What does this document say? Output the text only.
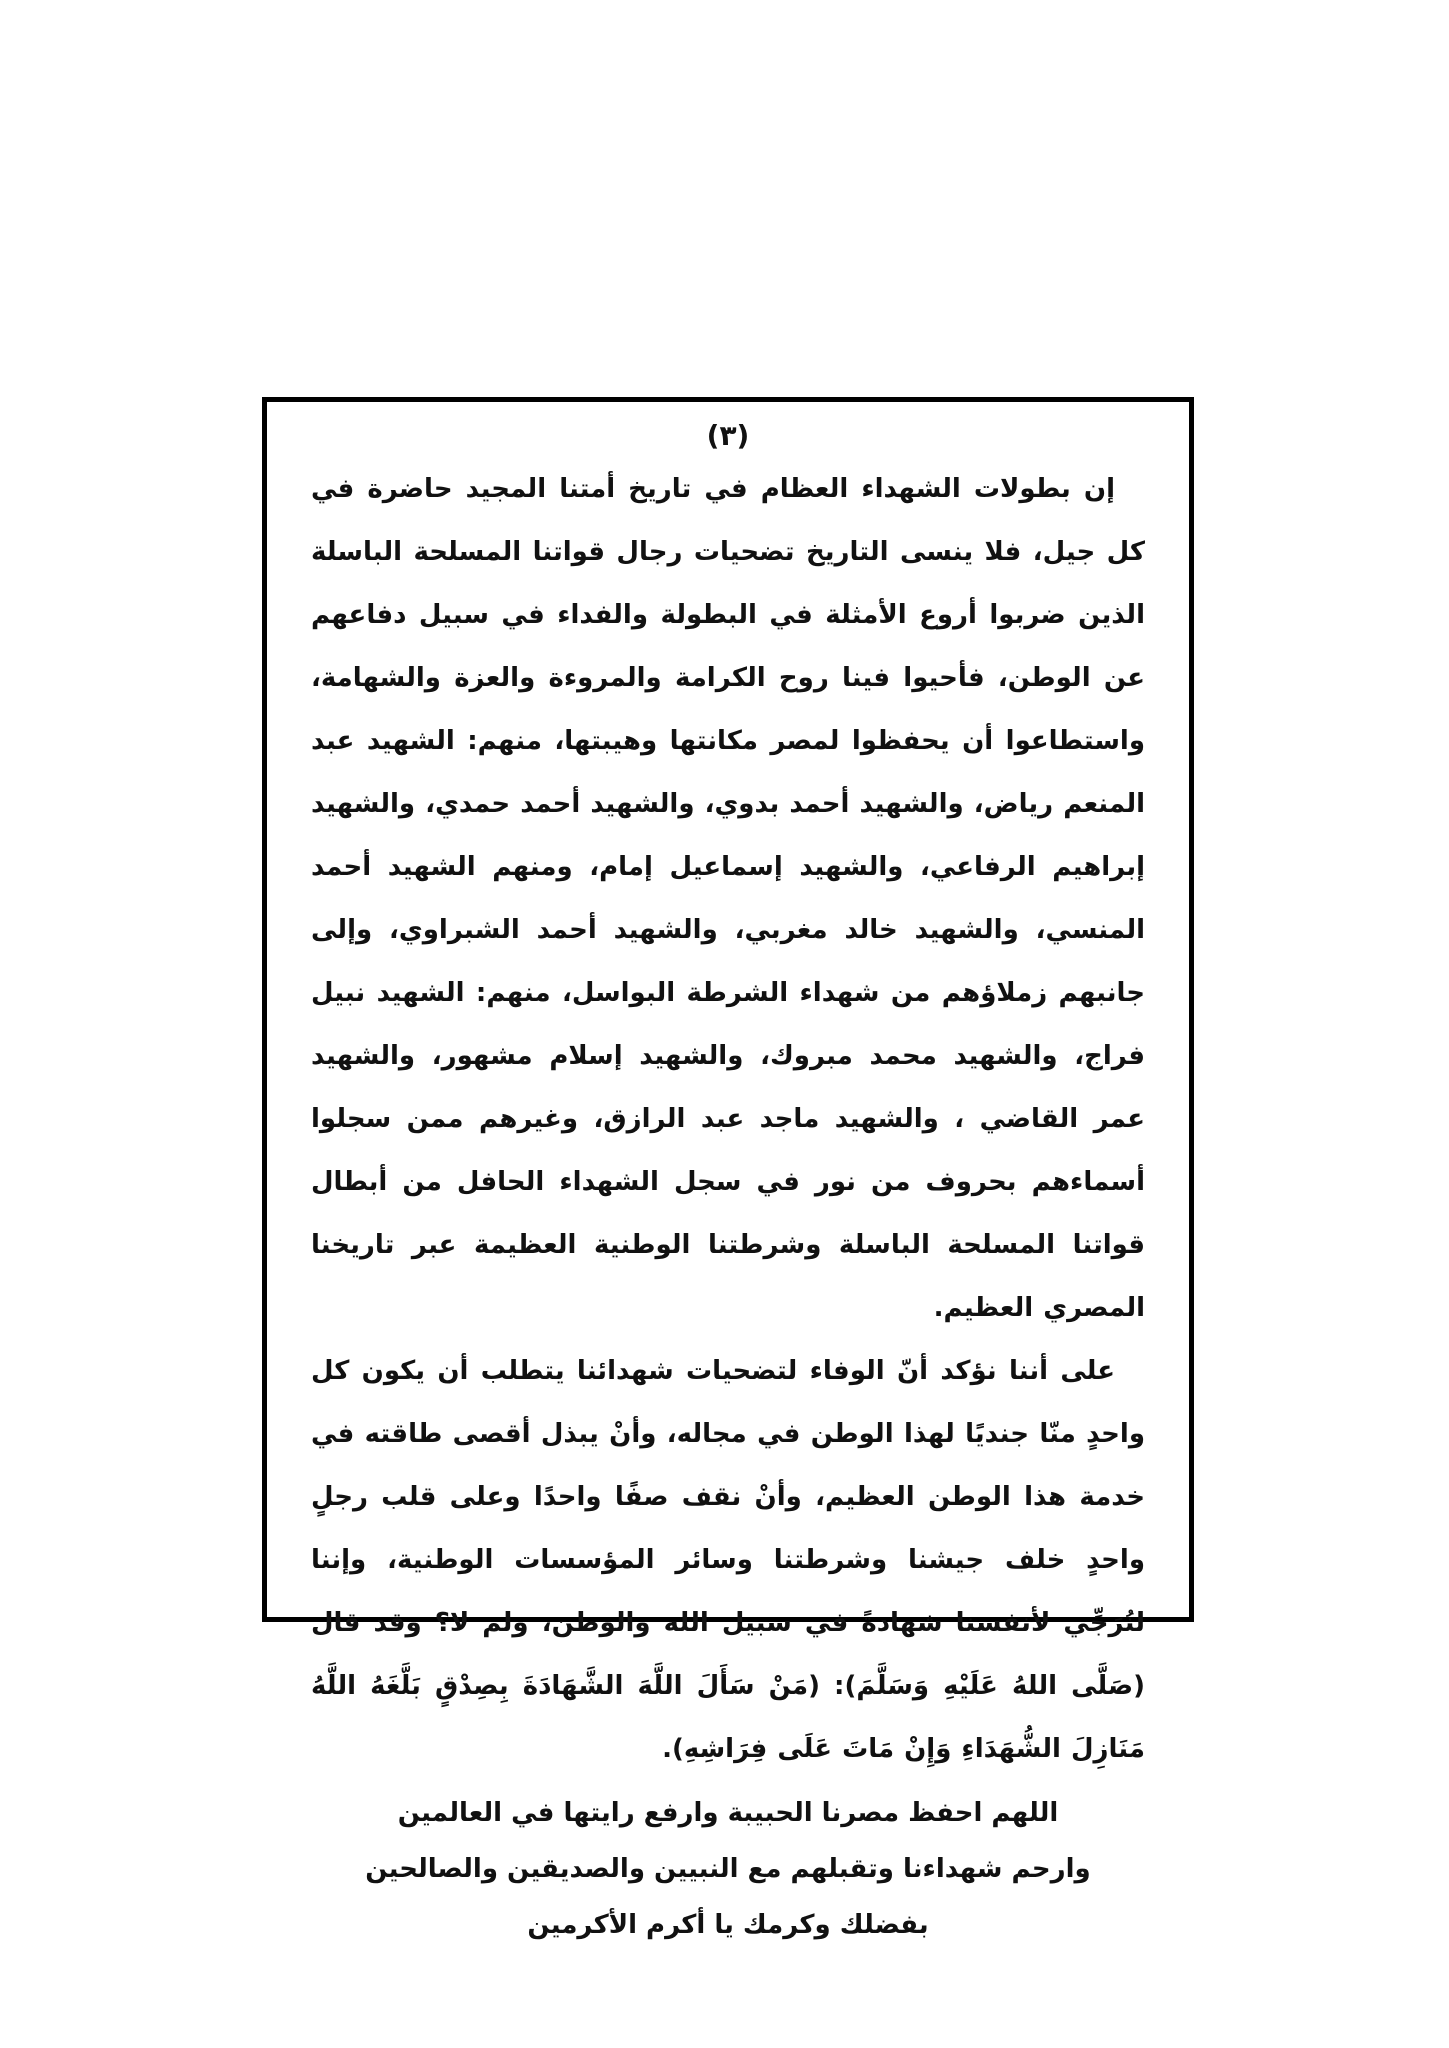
(٣)

إن بطولات الشهداء العظام في تاريخ أمتنا المجيد حاضرة في كل جيل، فلا ينسى التاريخ تضحيات رجال قواتنا المسلحة الباسلة الذين ضربوا أروع الأمثلة في البطولة والفداء في سبيل دفاعهم عن الوطن، فأحيوا فينا روح الكرامة والمروءة والعزة والشهامة، واستطاعوا أن يحفظوا لمصر مكانتها وهيبتها، منهم: الشهيد عبد المنعم رياض، والشهيد أحمد بدوي، والشهيد أحمد حمدي، والشهيد إبراهيم الرفاعي، والشهيد إسماعيل إمام، ومنهم الشهيد أحمد المنسي، والشهيد خالد مغربي، والشهيد أحمد الشبراوي، وإلى جانبهم زملاؤهم من شهداء الشرطة البواسل، منهم: الشهيد نبيل فراج، والشهيد محمد مبروك، والشهيد إسلام مشهور، والشهيد عمر القاضي ، والشهيد ماجد عبد الرازق، وغيرهم ممن سجلوا أسماءهم بحروف من نور في سجل الشهداء الحافل من أبطال قواتنا المسلحة الباسلة وشرطتنا الوطنية العظيمة عبر تاريخنا المصري العظيم.

على أننا نؤكد أنّ الوفاء لتضحيات شهدائنا يتطلب أن يكون كل واحدٍ منّا جنديًا لهذا الوطن في مجاله، وأنْ يبذل أقصى طاقته في خدمة هذا الوطن العظيم، وأنْ نقف صفًا واحدًا وعلى قلب رجلٍ واحدٍ خلف جيشنا وشرطتنا وسائر المؤسسات الوطنية، وإننا لنُرَجِّي لأنفسنا شهادةً في سبيل الله والوطن، ولم لا؟ وقد قال (صَلَّى اللهُ عَلَيْهِ وَسَلَّمَ): (مَنْ سَأَلَ اللَّهَ الشَّهَادَةَ بِصِدْقٍ بَلَّغَهُ اللَّهُ مَنَازِلَ الشُّهَدَاءِ وَإِنْ مَاتَ عَلَى فِرَاشِهِ).

اللهم احفظ مصرنا الحبيبة وارفع رايتها في العالمين

وارحم شهداءنا وتقبلهم مع النبيين والصديقين والصالحين

بفضلك وكرمك يا أكرم الأكرمين
